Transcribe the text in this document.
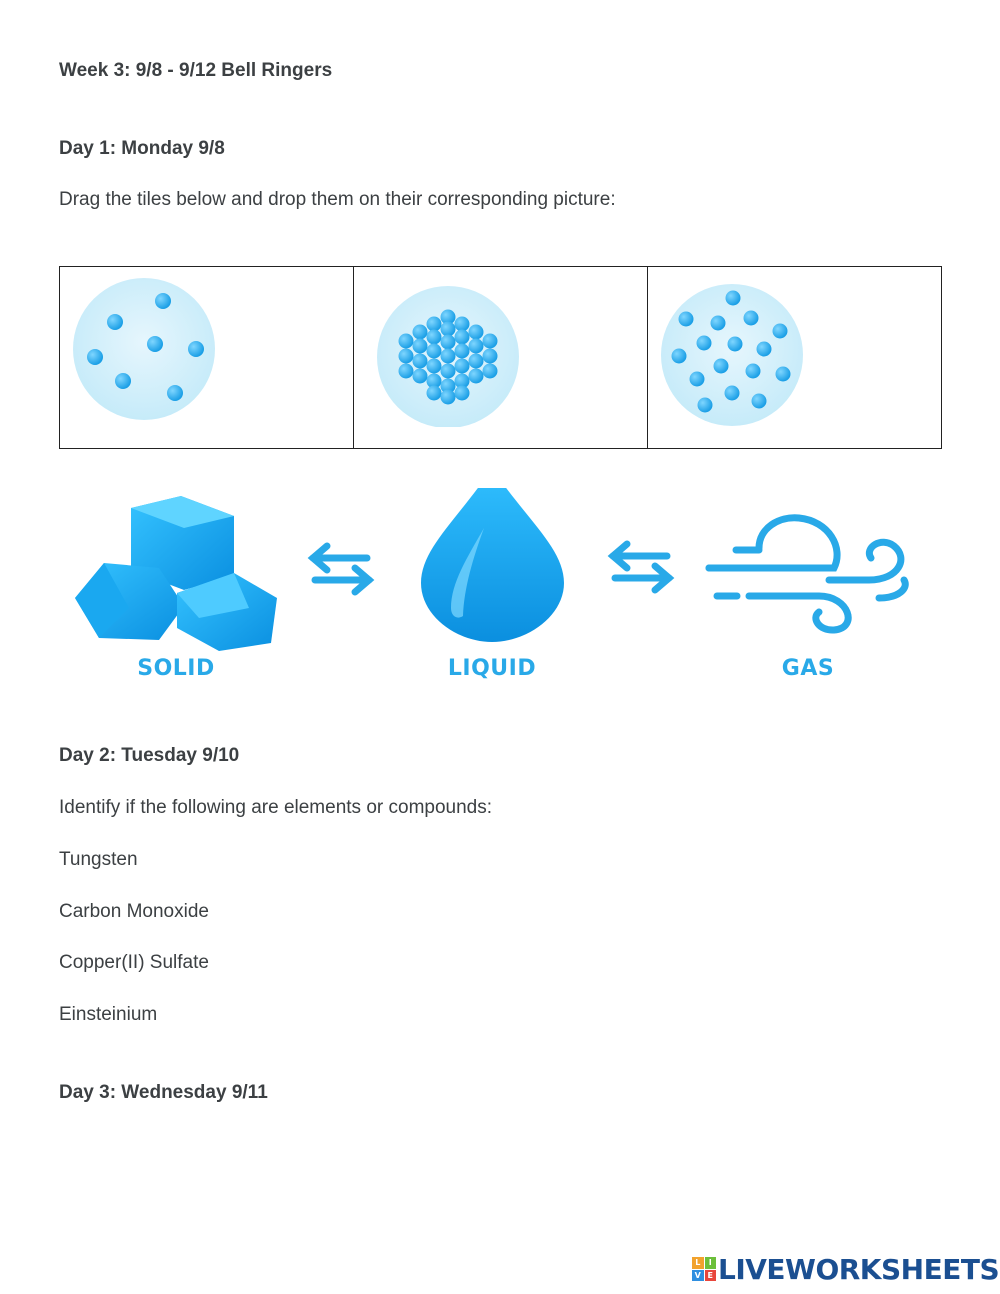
Week 3: 9/8 - 9/12 Bell Ringers
Day 1: Monday 9/8
Drag the tiles below and drop them on their corresponding picture:
SOLID	LIQUID	GAS
Day 2: Tuesday 9/10
Identify if the following are elements or compounds:
Tungsten
Carbon Monoxide
Copper(II) Sulfate
Einsteinium
Day 3: Wednesday 9/11
L	I
V E LIVEWORKSHEETS
